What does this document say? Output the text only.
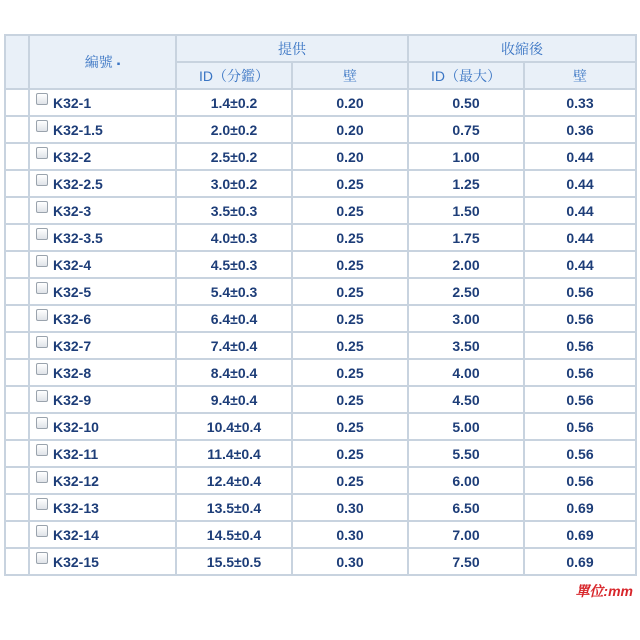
	編號 ▪	提供		收縮後	
		ID（分鑑）	壁	ID（最大）	壁

	K32-1	1.4±0.2	0.20	0.50	0.33

	K32-1.5	2.0±0.2	0.20	0.75	0.36

	K32-2	2.5±0.2	0.20	1.00	0.44

	K32-2.5	3.0±0.2	0.25	1.25	0.44

	K32-3	3.5±0.3	0.25	1.50	0.44

	K32-3.5	4.0±0.3	0.25	1.75	0.44

	K32-4	4.5±0.3	0.25	2.00	0.44

	K32-5	5.4±0.3	0.25	2.50	0.56

	K32-6	6.4±0.4	0.25	3.00	0.56

	K32-7	7.4±0.4	0.25	3.50	0.56

	K32-8	8.4±0.4	0.25	4.00	0.56

	K32-9	9.4±0.4	0.25	4.50	0.56

	K32-10	10.4±0.4	0.25	5.00	0.56

	K32-11	11.4±0.4	0.25	5.50	0.56

	K32-12	12.4±0.4	0.25	6.00	0.56

	K32-13	13.5±0.4	0.30	6.50	0.69

	K32-14	14.5±0.4	0.30	7.00	0.69

	K32-15	15.5±0.5	0.30	7.50	0.69
單位:mm
